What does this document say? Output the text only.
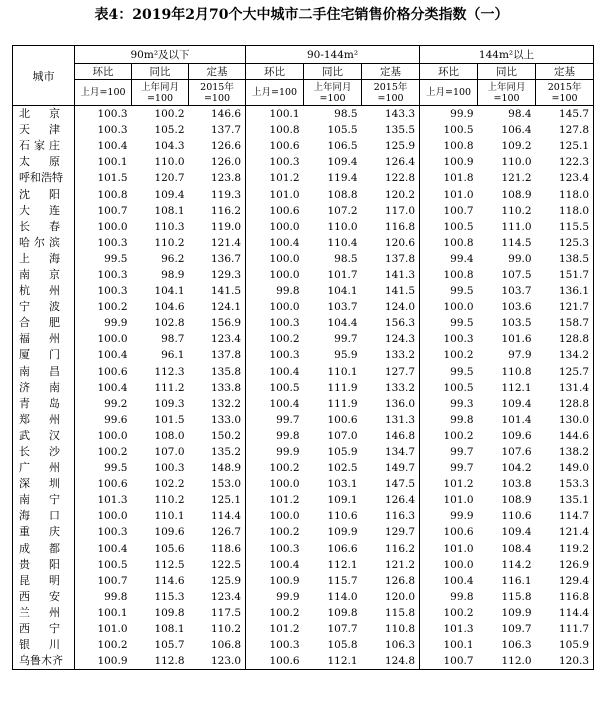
表4：2019年2月70个大中城市二手住宅销售价格分类指数（一）
城市	90m²及以下			90-144m²			144m²以上		
	环比	同比	定基	环比	同比	定基	环比	同比	定基
	上月=100	上年同月=100	2015年=100	上月=100	上年同月=100	2015年=100	上月=100	上年同月=100	2015年=100
北京	100.3	100.2	146.6	100.1	98.5	143.3	99.9	98.4	145.7
天津	100.3	105.2	137.7	100.8	105.5	135.5	100.5	106.4	127.8
石家庄	100.4	104.3	126.6	100.6	106.5	125.9	100.8	109.2	125.1
太原	100.1	110.0	126.0	100.3	109.4	126.4	100.9	110.0	122.3
呼和浩特	101.5	120.7	123.8	101.2	119.4	122.8	101.8	121.2	123.4
沈阳	100.8	109.4	119.3	101.0	108.8	120.2	101.0	108.9	118.0
大连	100.7	108.1	116.2	100.6	107.2	117.0	100.7	110.2	118.0
长春	100.0	110.3	119.0	100.0	110.0	116.8	100.5	111.0	115.5
哈尔滨	100.3	110.2	121.4	100.4	110.4	120.6	100.8	114.5	125.3
上海	99.5	96.2	136.7	100.0	98.5	137.8	99.4	99.0	138.5
南京	100.3	98.9	129.3	100.0	101.7	141.3	100.8	107.5	151.7
杭州	100.3	104.1	141.5	99.8	104.1	141.5	99.5	103.7	136.1
宁波	100.2	104.6	124.1	100.0	103.7	124.0	100.0	103.6	121.7
合肥	99.9	102.8	156.9	100.3	104.4	156.3	99.5	103.5	158.7
福州	100.0	98.7	123.4	100.2	99.7	124.3	100.3	101.6	128.8
厦门	100.4	96.1	137.8	100.3	95.9	133.2	100.2	97.9	134.2
南昌	100.6	112.3	135.8	100.4	110.1	127.7	99.5	110.8	125.7
济南	100.4	111.2	133.8	100.5	111.9	133.2	100.5	112.1	131.4
青岛	99.2	109.3	132.2	100.4	111.9	136.0	99.3	109.4	128.8
郑州	99.6	101.5	133.0	99.7	100.6	131.3	99.8	101.4	130.0
武汉	100.0	108.0	150.2	99.8	107.0	146.8	100.2	109.6	144.6
长沙	100.2	107.0	135.2	99.9	105.9	134.7	99.7	107.6	138.2
广州	99.5	100.3	148.9	100.2	102.5	149.7	99.7	104.2	149.0
深圳	100.6	102.2	153.0	100.0	103.1	147.5	101.2	103.8	153.3
南宁	101.3	110.2	125.1	101.2	109.1	126.4	101.0	108.9	135.1
海口	100.0	110.1	114.4	100.0	110.6	116.3	99.9	110.6	114.7
重庆	100.3	109.6	126.7	100.2	109.9	129.7	100.6	109.4	121.4
成都	100.4	105.6	118.6	100.3	106.6	116.2	101.0	108.4	119.2
贵阳	100.5	112.5	122.5	100.4	112.1	121.2	100.0	114.2	126.9
昆明	100.7	114.6	125.9	100.9	115.7	126.8	100.4	116.1	129.4
西安	99.8	115.3	123.4	99.9	114.0	120.0	99.8	115.8	116.8
兰州	100.1	109.8	117.5	100.2	109.8	115.8	100.2	109.9	114.4
西宁	101.0	108.1	110.2	101.2	107.7	110.8	101.3	109.7	111.7
银川	100.2	105.7	106.8	100.3	105.8	106.3	100.1	106.3	105.9
乌鲁木齐	100.9	112.8	123.0	100.6	112.1	124.8	100.7	112.0	120.3
